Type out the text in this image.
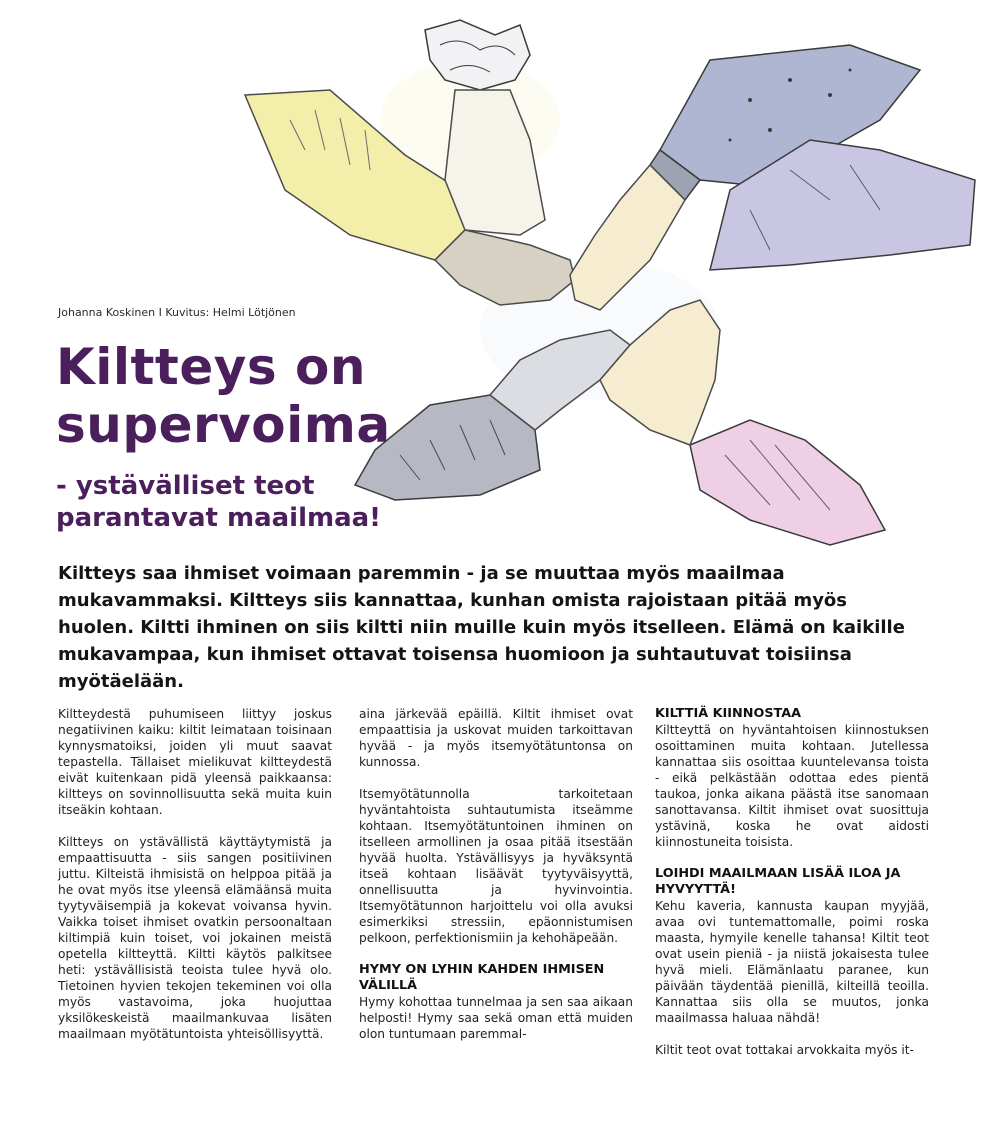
Johanna Koskinen I Kuvitus: Helmi Lötjönen
Kiltteys on
supervoima
- ystävälliset teot
parantavat maailmaa!

Kiltteys saa ihmiset voimaan paremmin - ja se muuttaa myös maailmaa mukavammaksi. Kiltteys siis kannattaa, kunhan omista rajoistaan pitää myös huolen. Kiltti ihminen on siis kiltti niin muille kuin myös itselleen. Elämä on kaikille mukavampaa, kun ihmiset ottavat toisensa huomioon ja suhtautuvat toisiinsa myötäelään.

Kiltteydestä puhumiseen liittyy joskus negatiivinen kaiku: kiltit leimataan toisinaan kynnysmatoiksi, joiden yli muut saavat tepastella. Tällaiset mielikuvat kiltteydestä eivät kuitenkaan pidä yleensä paikkaansa: kiltteys on sovinnollisuutta sekä muita kuin itseäkin kohtaan.

Kiltteys on ystävällistä käyttäytymistä ja empaattisuutta - siis sangen positiivinen juttu. Kilteistä ihmisistä on helppoa pitää ja he ovat myös itse yleensä elämäänsä muita tyytyväisempiä ja kokevat voivansa hyvin. Vaikka toiset ihmiset ovatkin persoonaltaan kiltimpiä kuin toiset, voi jokainen meistä opetella kiltteyttä. Kiltti käytös palkitsee heti: ystävällisistä teoista tulee hyvä olo. Tietoinen hyvien tekojen tekeminen voi olla myös vastavoima, joka huojuttaa yksilökeskeistä maailmankuvaa lisäten maailmaan myötätuntoista yhteisöllisyyttä.

aina järkevää epäillä. Kiltit ihmiset ovat empaattisia ja uskovat muiden tarkoittavan hyvää - ja myös itsemyötätuntonsa on kunnossa.

Itsemyötätunnolla tarkoitetaan hyväntahtoista suhtautumista itseämme kohtaan. Itsemyötätuntoinen ihminen on itselleen armollinen ja osaa pitää itsestään hyvää huolta. Ystävällisyys ja hyväksyntä itseä kohtaan lisäävät tyytyväisyyttä, onnellisuutta ja hyvinvointia. Itsemyötätunnon harjoittelu voi olla avuksi esimerkiksi stressiin, epäonnistumisen pelkoon, perfektionismiin ja kehohäpeään.

HYMY ON LYHIN KAHDEN IHMISEN VÄLILLÄ

Hymy kohottaa tunnelmaa ja sen saa aikaan helposti! Hymy saa sekä oman että muiden olon tuntumaan paremmal-

KILTTIÄ KIINNOSTAA

Kiltteyttä on hyväntahtoisen kiinnostuksen osoittaminen muita kohtaan. Jutellessa kannattaa siis osoittaa kuuntelevansa toista - eikä pelkästään odottaa edes pientä taukoa, jonka aikana päästä itse sanomaan sanottavansa. Kiltit ihmiset ovat suosittuja ystävinä, koska he ovat aidosti kiinnostuneita toisista.

LOIHDI MAAILMAAN LISÄÄ ILOA JA HYVYYTTÄ!

Kehu kaveria, kannusta kaupan myyjää, avaa ovi tuntemattomalle, poimi roska maasta, hymyile kenelle tahansa! Kiltit teot ovat usein pieniä - ja niistä jokaisesta tulee hyvä mieli. Elämänlaatu paranee, kun päivään täydentää pienillä, kilteillä teoilla. Kannattaa siis olla se muutos, jonka maailmassa haluaa nähdä!

Kiltit teot ovat tottakai arvokkaita myös it-
